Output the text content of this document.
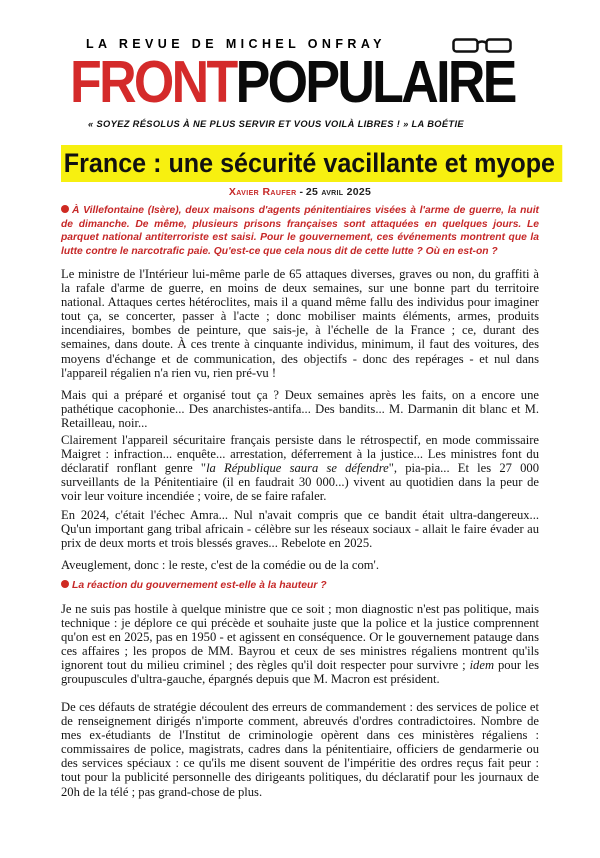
LA REVUE DE MICHEL ONFRAY
FRONTPOPULAIRE
« SOYEZ RÉSOLUS À NE PLUS SERVIR ET VOUS VOILÀ LIBRES ! » LA BOÉTIE
France : une sécurité vacillante et myope
Xavier Raufer - 25 avril 2025
À Villefontaine (Isère), deux maisons d'agents pénitentiaires visées à l'arme de guerre, la nuit de dimanche. De même, plusieurs prisons françaises sont attaquées en quelques jours. Le parquet national antiterroriste est saisi. Pour le gouvernement, ces événements montrent que la lutte contre le narcotrafic paie. Qu'est-ce que cela nous dit de cette lutte ? Où en est-on ?

Le ministre de l'Intérieur lui-même parle de 65 attaques diverses, graves ou non, du graffiti à la rafale d'arme de guerre, en moins de deux semaines, sur une bonne part du territoire national. Attaques certes hétéroclites, mais il a quand même fallu des individus pour imaginer tout ça, se concerter, passer à l'acte ; donc mobiliser maints éléments, armes, produits incendiaires, bombes de peinture, que sais-je, à l'échelle de la France ; ce, durant des semaines, dans doute. À ces trente à cinquante individus, minimum, il faut des voitures, des moyens d'échange et de communication, des objectifs - donc des repérages - et nul dans l'appareil régalien n'a rien vu, rien pré-vu !

Mais qui a préparé et organisé tout ça ? Deux semaines après les faits, on a encore une pathétique cacophonie... Des anarchistes-antifa... Des bandits... M. Darmanin dit blanc et M. Retailleau, noir...

Clairement l'appareil sécuritaire français persiste dans le rétrospectif, en mode commissaire Maigret : infraction... enquête... arrestation, déferrement à la justice... Les ministres font du déclaratif ronflant genre "la République saura se défendre", pia-pia... Et les 27 000 surveillants de la Pénitentiaire (il en faudrait 30 000...) vivent au quotidien dans la peur de voir leur voiture incendiée ; voire, de se faire rafaler.

En 2024, c'était l'échec Amra... Nul n'avait compris que ce bandit était ultra-dangereux... Qu'un important gang tribal africain - célèbre sur les réseaux sociaux - allait le faire évader au prix de deux morts et trois blessés graves... Rebelote en 2025.

Aveuglement, donc : le reste, c'est de la comédie ou de la com'.

La réaction du gouvernement est-elle à la hauteur ?

Je ne suis pas hostile à quelque ministre que ce soit ; mon diagnostic n'est pas politique, mais technique : je déplore ce qui précède et souhaite juste que la police et la justice comprennent qu'on est en 2025, pas en 1950 - et agissent en conséquence. Or le gouvernement patauge dans ces affaires ; les propos de MM. Bayrou et ceux de ses ministres régaliens montrent qu'ils ignorent tout du milieu criminel ; des règles qu'il doit respecter pour survivre ; idem pour les groupuscules d'ultra-gauche, épargnés depuis que M. Macron est président.

De ces défauts de stratégie découlent des erreurs de commandement : des services de police et de renseignement dirigés n'importe comment, abreuvés d'ordres contradictoires. Nombre de mes ex-étudiants de l'Institut de criminologie opèrent dans ces ministères régaliens : commissaires de police, magistrats, cadres dans la pénitentiaire, officiers de gendarmerie ou des services spéciaux : ce qu'ils me disent souvent de l'impéritie des ordres reçus fait peur : tout pour la publicité personnelle des dirigeants politiques, du déclaratif pour les journaux de 20h de la télé ; pas grand-chose de plus.
